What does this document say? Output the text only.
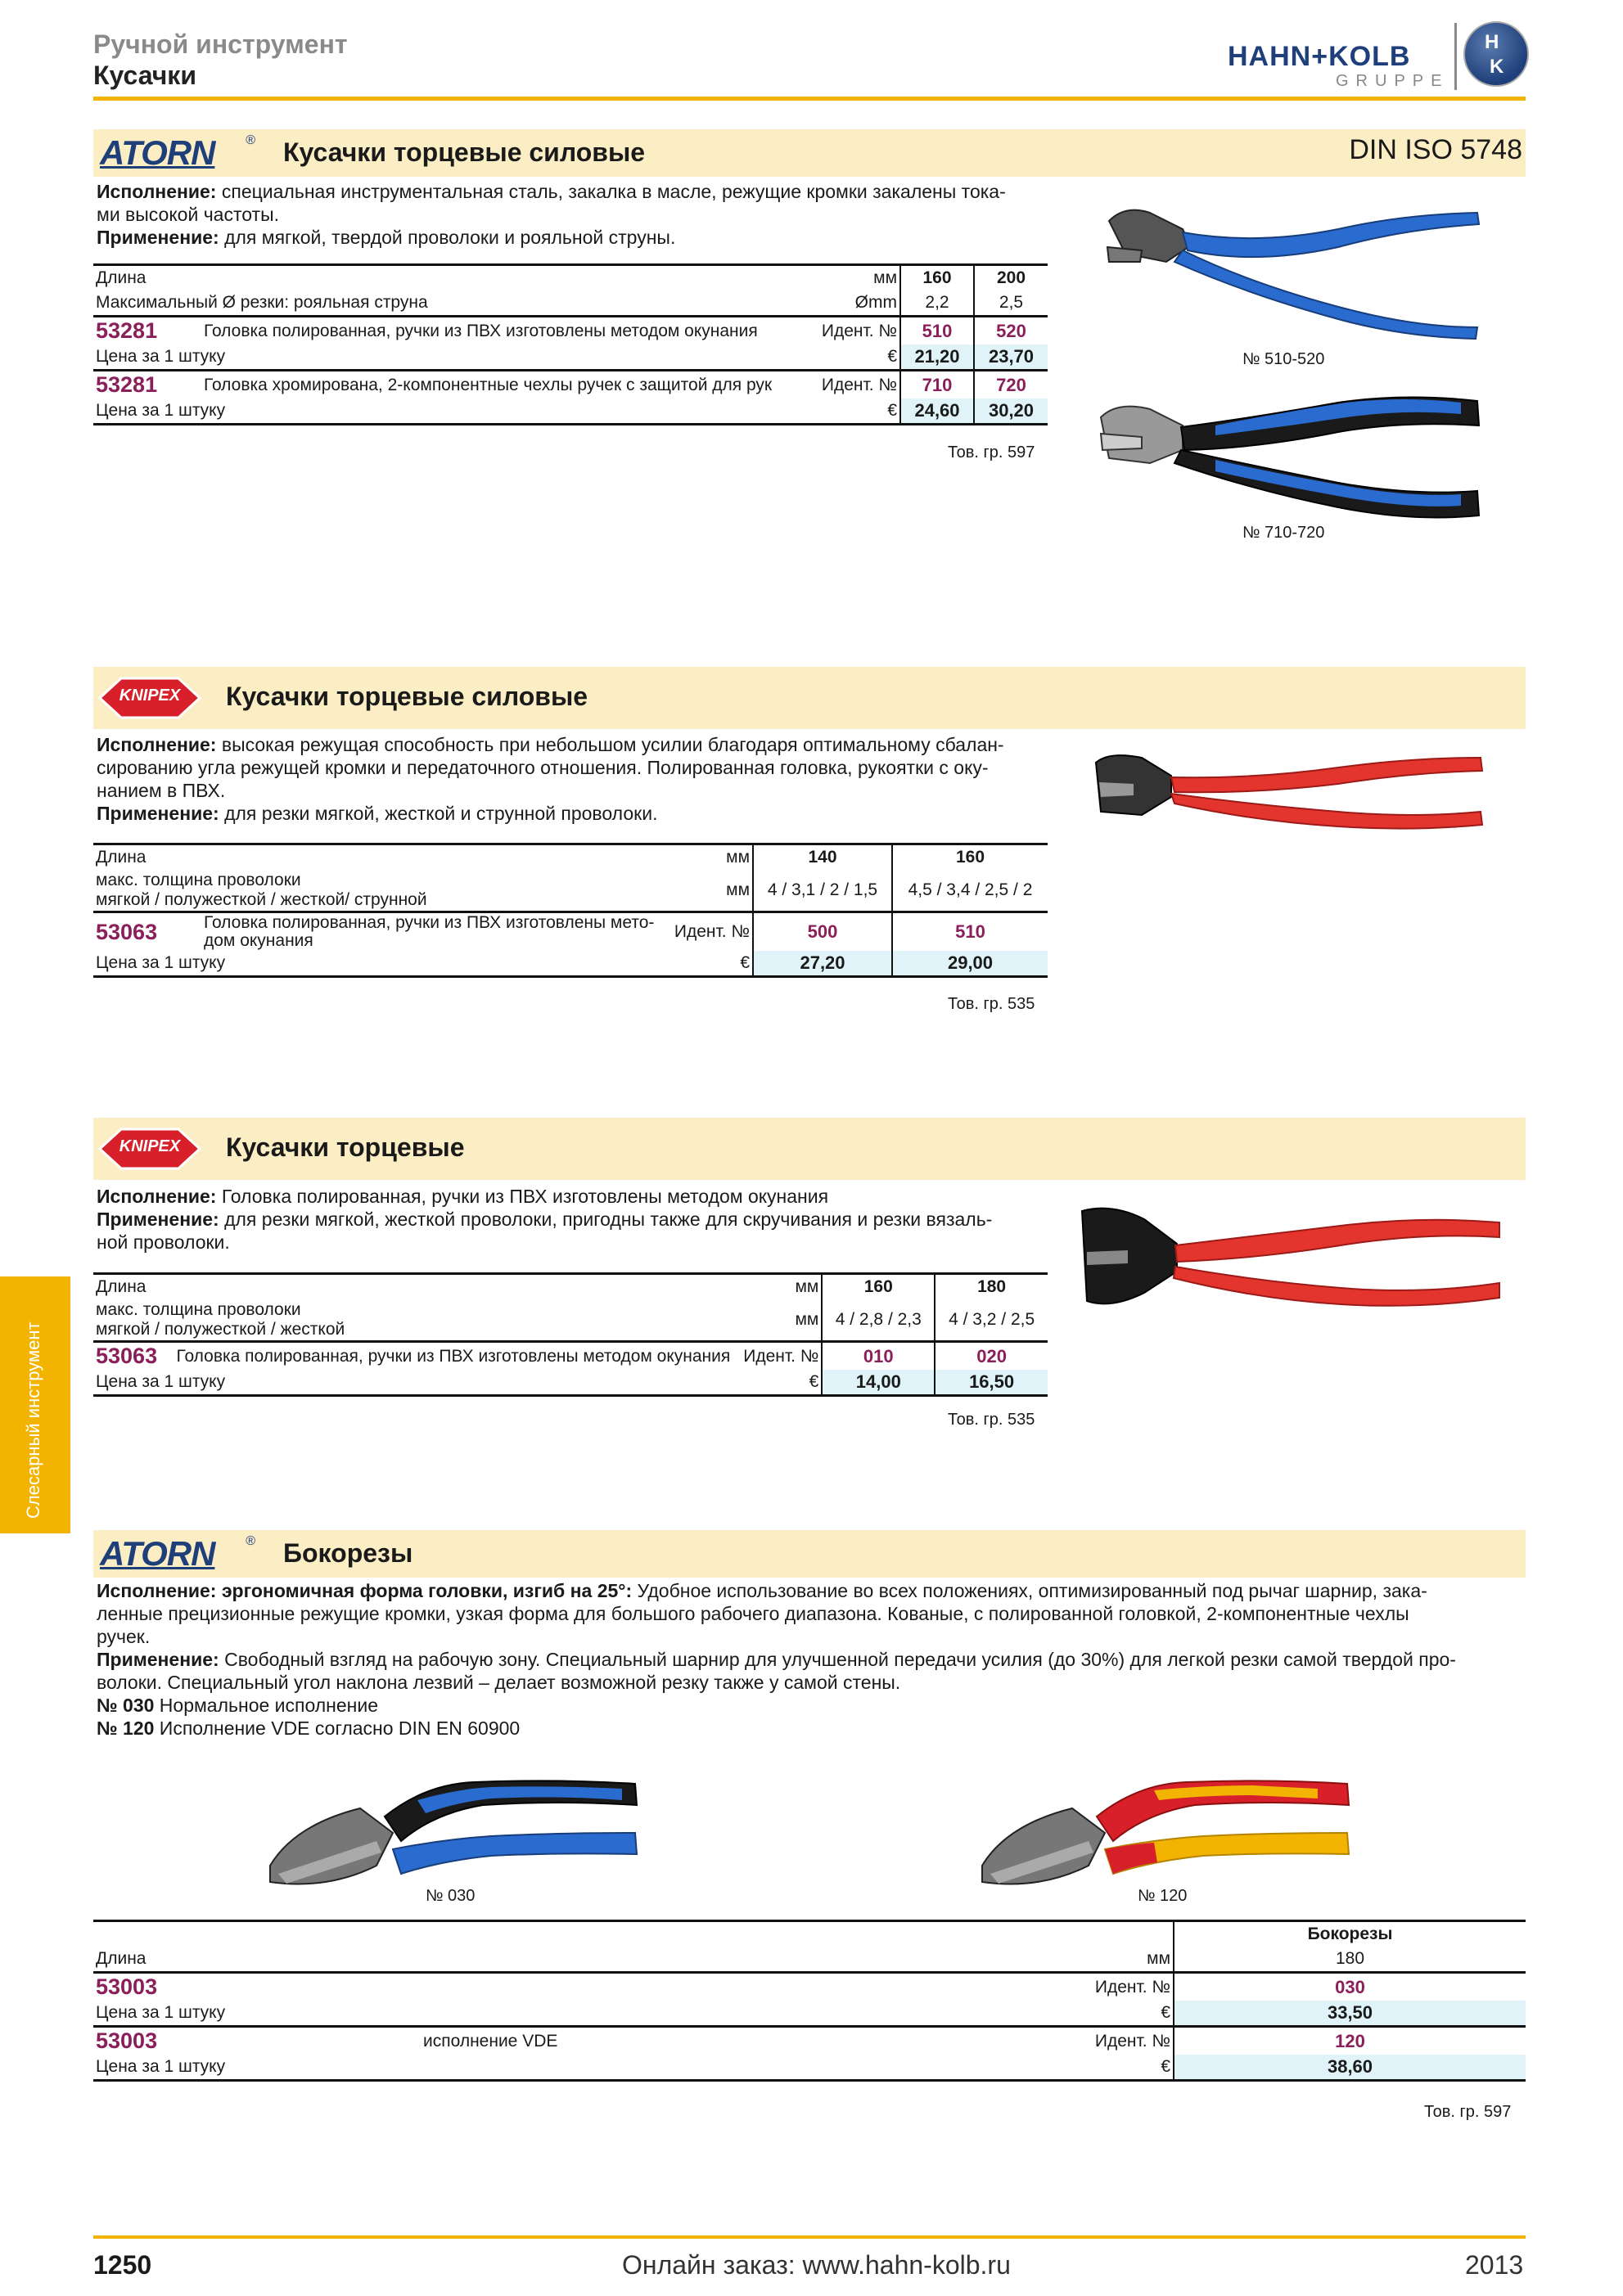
Ручной инструмент
Кусачки
HAHN+KOLB
GRUPPE
H
K
ATORN ® Кусачки торцевые силовые	DIN ISO 5748
Исполнение: специальная инструментальная сталь, закалка в масле, режущие кромки закалены тока-
ми высокой частоты.
Применение: для мягкой, твердой проволоки и рояльной струны.
Длина		мм	160	200
Максимальный Ø резки: рояльная струна		Ømm	2,2	2,5
53281	Головка полированная, ручки из ПВХ изготовлены методом окунания	Идент. №	510	520
Цена за 1 штуку		€	21,20	23,70
53281	Головка хромирована, 2-компонентные чехлы ручек с защитой для рук	Идент. №	710	720
Цена за 1 штуку		€	24,60	30,20
Тов. гр. 597
№ 510-520
№ 710-720
KNIPEX	Кусачки торцевые силовые
Исполнение: высокая режущая способность при небольшом усилии благодаря оптимальному сбалан-
сированию угла режущей кромки и передаточного отношения. Полированная головка, рукоятки с оку-
нанием в ПВХ.
Применение: для резки мягкой, жесткой и струнной проволоки.
Длина		мм	140	160
макс. толщина проволоки
мягкой / полужесткой / жесткой/ струнной		мм	4 / 3,1 / 2 / 1,5	4,5 / 3,4 / 2,5 / 2
53063	Головка полированная, ручки из ПВХ изготовлены мето-
дом окунания	Идент. №	500	510
Цена за 1 штуку		€	27,20	29,00
Тов. гр. 535
KNIPEX	Кусачки торцевые
Исполнение: Головка полированная, ручки из ПВХ изготовлены методом окунания
Применение: для резки мягкой, жесткой проволоки, пригодны также для скручивания и резки вязаль-
ной проволоки.
Длина		мм	160	180
макс. толщина проволоки
мягкой / полужесткой / жесткой		мм	4 / 2,8 / 2,3	4 / 3,2 / 2,5
53063	Головка полированная, ручки из ПВХ изготовлены методом окунания	Идент. №	010	020
Цена за 1 штуку		€	14,00	16,50
Тов. гр. 535
Слесарный инструмент
ATORN ® Бокорезы
Исполнение: эргономичная форма головки, изгиб на 25°: Удобное использование во всех положениях, оптимизированный под рычаг шарнир, зака-
ленные прецизионные режущие кромки, узкая форма для большого рабочего диапазона. Кованые, с полированной головкой, 2-компонентные чехлы
ручек.
Применение: Свободный взгляд на рабочую зону. Специальный шарнир для улучшенной передачи усилия (до 30%) для легкой резки самой твердой про-
волоки. Специальный угол наклона лезвий – делает возможной резку также у самой стены.
№ 030 Нормальное исполнение
№ 120 Исполнение VDE согласно DIN EN 60900
№ 030	№ 120
			Бокорезы
Длина		мм	180
53003		Идент. №	030
Цена за 1 штуку		€	33,50
53003	исполнение VDE	Идент. №	120
Цена за 1 штуку		€	38,60
Тов. гр. 597
1250	Онлайн заказ: www.hahn-kolb.ru	2013
